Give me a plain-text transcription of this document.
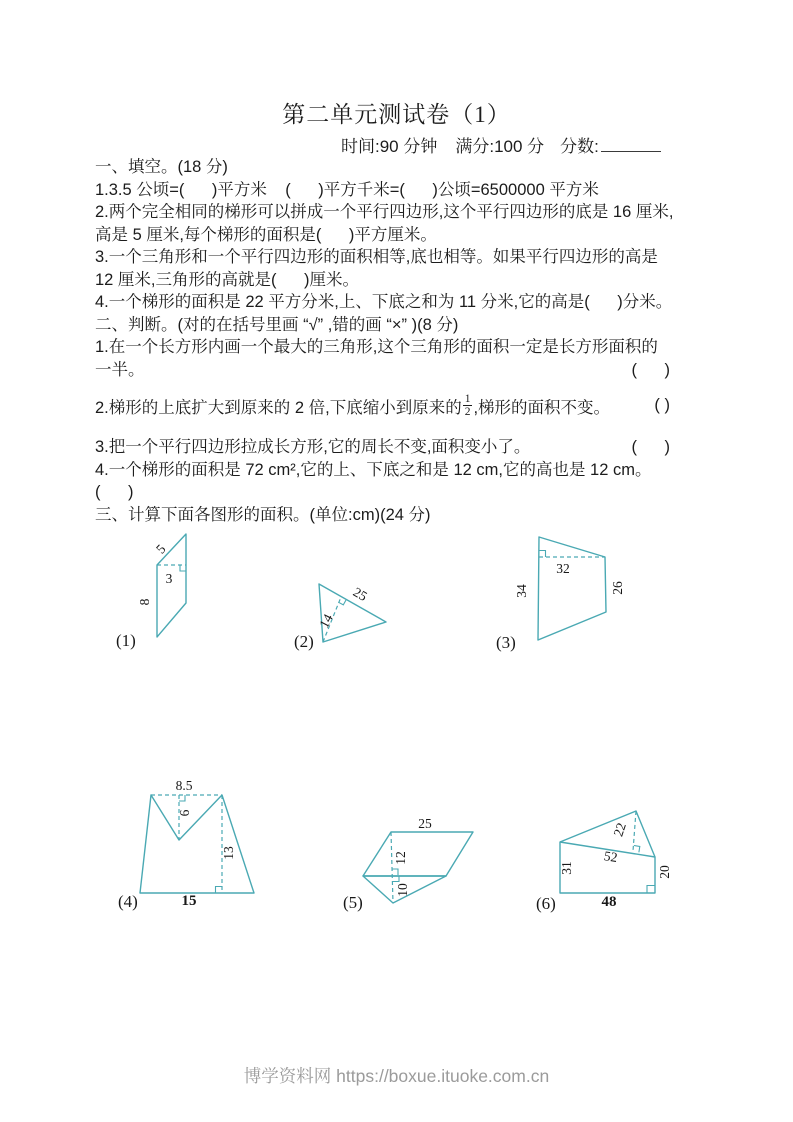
第二单元测试卷（1）
时间:90 分钟 满分:100 分 分数:
一、填空。(18 分)
1.3.5 公顷=(      )平方米    (      )平方千米=(      )公顷=6500000 平方米
2.两个完全相同的梯形可以拼成一个平行四边形,这个平行四边形的底是 16 厘米,
高是 5 厘米,每个梯形的面积是(      )平方厘米。
3.一个三角形和一个平行四边形的面积相等,底也相等。如果平行四边形的高是
12 厘米,三角形的高就是(      )厘米。
4.一个梯形的面积是 22 平方分米,上、下底之和为 11 分米,它的高是(      )分米。
二、判断。(对的在括号里画 “√” ,错的画 “×” )(8 分)
1.在一个长方形内画一个最大的三角形,这个三角形的面积一定是长方形面积的
一半。	(      )
2.梯形的上底扩大到原来的 2 倍,下底缩小到原来的 $\frac{1}{2}$ ,梯形的面积不变。	( )
3.把一个平行四边形拉成长方形,它的周长不变,面积变小了。	(      )
4.一个梯形的面积是 72 cm²,它的上、下底之和是 12 cm,它的高也是 12 cm。
(      )
三、计算下面各图形的面积。(单位:cm)(24 分)
5
3
8
(1)
14
25
(2)
32
34	26
(3)
8.5
6
13
15
(4)
25
12
10
(5)
22
52
31	20
48
(6)
博学资料网 https://boxue.ituoke.com.cn
